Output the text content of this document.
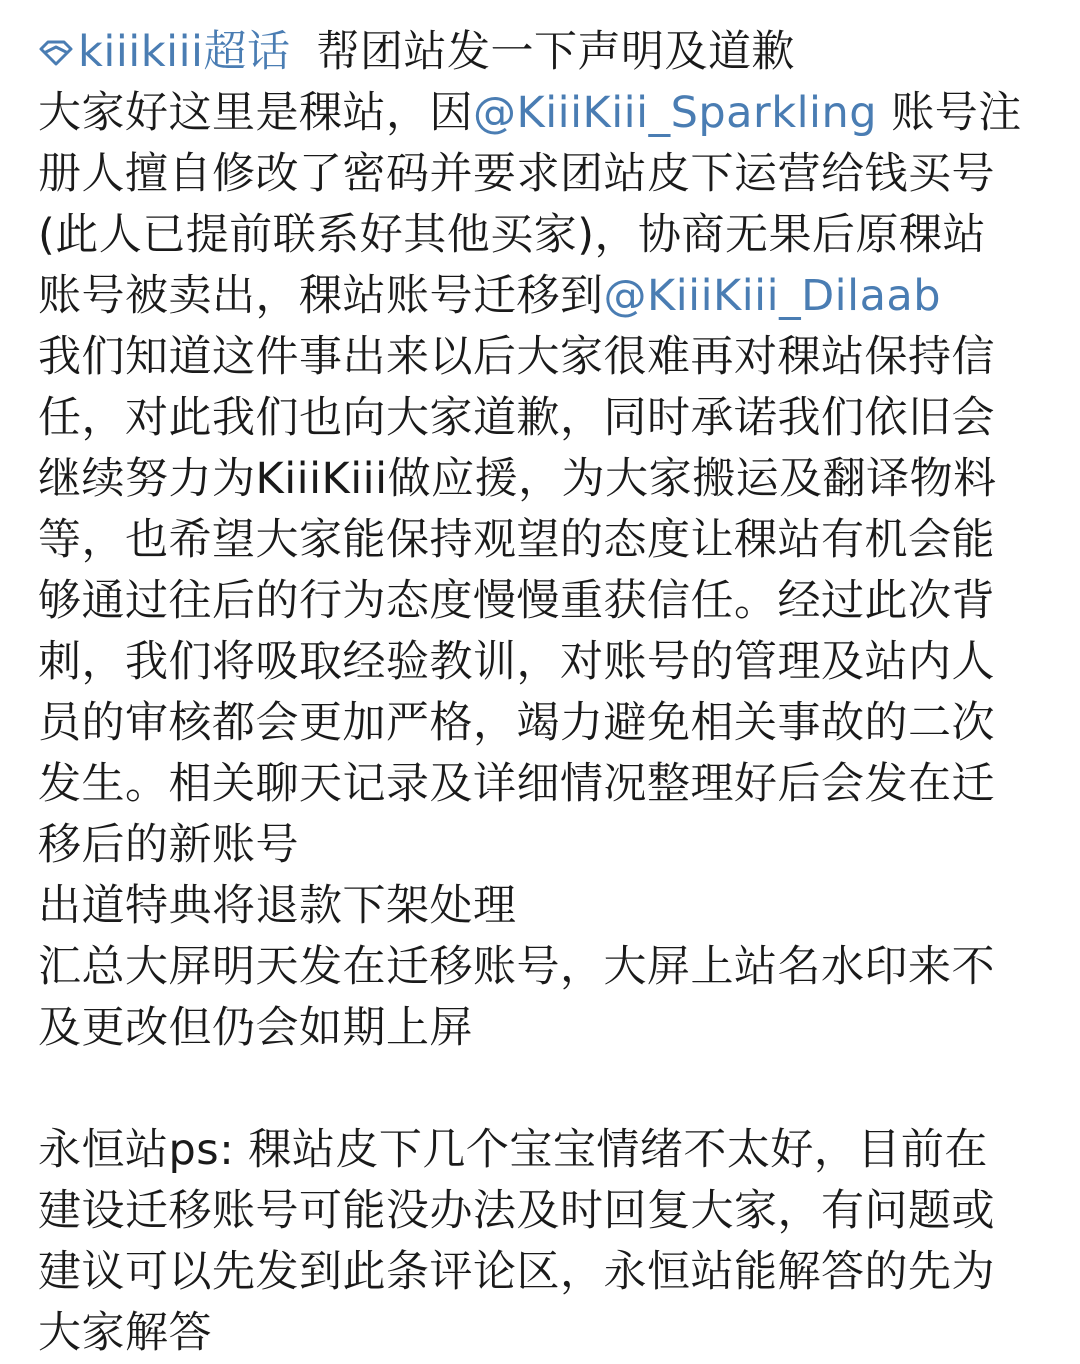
kiiikiii超话 帮团站发一下声明及道歉
大家好这里是稞站，因@KiiiKiii_Sparkling 账号注
册人擅自修改了密码并要求团站皮下运营给钱买号
(此人已提前联系好其他买家)，协商无果后原稞站
账号被卖出，稞站账号迁移到@KiiiKiii_Dilaab
我们知道这件事出来以后大家很难再对稞站保持信
任，对此我们也向大家道歉，同时承诺我们依旧会
继续努力为KiiiKiii做应援，为大家搬运及翻译物料
等，也希望大家能保持观望的态度让稞站有机会能
够通过往后的行为态度慢慢重获信任。经过此次背
刺，我们将吸取经验教训，对账号的管理及站内人
员的审核都会更加严格，竭力避免相关事故的二次
发生。相关聊天记录及详细情况整理好后会发在迁
移后的新账号
出道特典将退款下架处理
汇总大屏明天发在迁移账号，大屏上站名水印来不
及更改但仍会如期上屏
永恒站ps: 稞站皮下几个宝宝情绪不太好，目前在
建设迁移账号可能没办法及时回复大家，有问题或
建议可以先发到此条评论区，永恒站能解答的先为
大家解答
